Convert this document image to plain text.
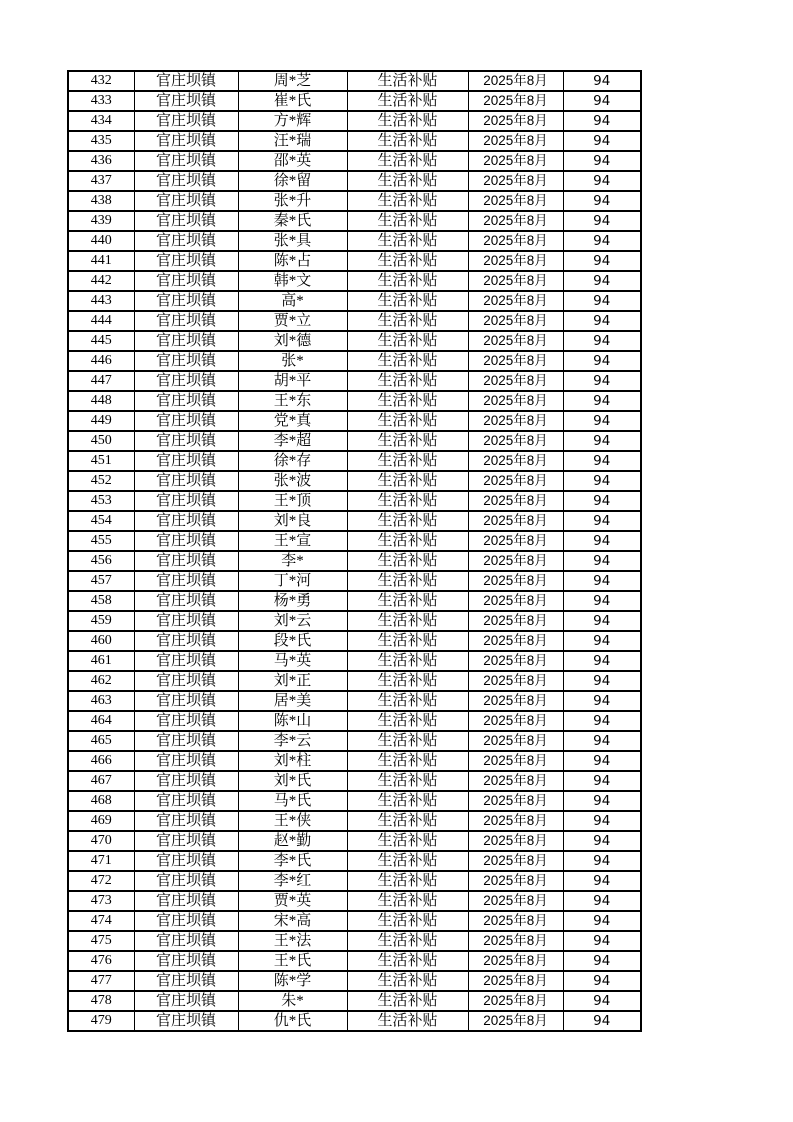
432	官庄坝镇	周*芝	生活补贴	2025年8月	94
433	官庄坝镇	崔*氏	生活补贴	2025年8月	94
434	官庄坝镇	方*辉	生活补贴	2025年8月	94
435	官庄坝镇	汪*瑞	生活补贴	2025年8月	94
436	官庄坝镇	邵*英	生活补贴	2025年8月	94
437	官庄坝镇	徐*留	生活补贴	2025年8月	94
438	官庄坝镇	张*升	生活补贴	2025年8月	94
439	官庄坝镇	秦*氏	生活补贴	2025年8月	94
440	官庄坝镇	张*具	生活补贴	2025年8月	94
441	官庄坝镇	陈*占	生活补贴	2025年8月	94
442	官庄坝镇	韩*文	生活补贴	2025年8月	94
443	官庄坝镇	高*	生活补贴	2025年8月	94
444	官庄坝镇	贾*立	生活补贴	2025年8月	94
445	官庄坝镇	刘*德	生活补贴	2025年8月	94
446	官庄坝镇	张*	生活补贴	2025年8月	94
447	官庄坝镇	胡*平	生活补贴	2025年8月	94
448	官庄坝镇	王*东	生活补贴	2025年8月	94
449	官庄坝镇	党*真	生活补贴	2025年8月	94
450	官庄坝镇	李*超	生活补贴	2025年8月	94
451	官庄坝镇	徐*存	生活补贴	2025年8月	94
452	官庄坝镇	张*波	生活补贴	2025年8月	94
453	官庄坝镇	王*顶	生活补贴	2025年8月	94
454	官庄坝镇	刘*良	生活补贴	2025年8月	94
455	官庄坝镇	王*宣	生活补贴	2025年8月	94
456	官庄坝镇	李*	生活补贴	2025年8月	94
457	官庄坝镇	丁*河	生活补贴	2025年8月	94
458	官庄坝镇	杨*勇	生活补贴	2025年8月	94
459	官庄坝镇	刘*云	生活补贴	2025年8月	94
460	官庄坝镇	段*氏	生活补贴	2025年8月	94
461	官庄坝镇	马*英	生活补贴	2025年8月	94
462	官庄坝镇	刘*正	生活补贴	2025年8月	94
463	官庄坝镇	居*美	生活补贴	2025年8月	94
464	官庄坝镇	陈*山	生活补贴	2025年8月	94
465	官庄坝镇	李*云	生活补贴	2025年8月	94
466	官庄坝镇	刘*柱	生活补贴	2025年8月	94
467	官庄坝镇	刘*氏	生活补贴	2025年8月	94
468	官庄坝镇	马*氏	生活补贴	2025年8月	94
469	官庄坝镇	王*侠	生活补贴	2025年8月	94
470	官庄坝镇	赵*勤	生活补贴	2025年8月	94
471	官庄坝镇	李*氏	生活补贴	2025年8月	94
472	官庄坝镇	李*红	生活补贴	2025年8月	94
473	官庄坝镇	贾*英	生活补贴	2025年8月	94
474	官庄坝镇	宋*高	生活补贴	2025年8月	94
475	官庄坝镇	王*法	生活补贴	2025年8月	94
476	官庄坝镇	王*氏	生活补贴	2025年8月	94
477	官庄坝镇	陈*学	生活补贴	2025年8月	94
478	官庄坝镇	朱*	生活补贴	2025年8月	94
479	官庄坝镇	仇*氏	生活补贴	2025年8月	94
